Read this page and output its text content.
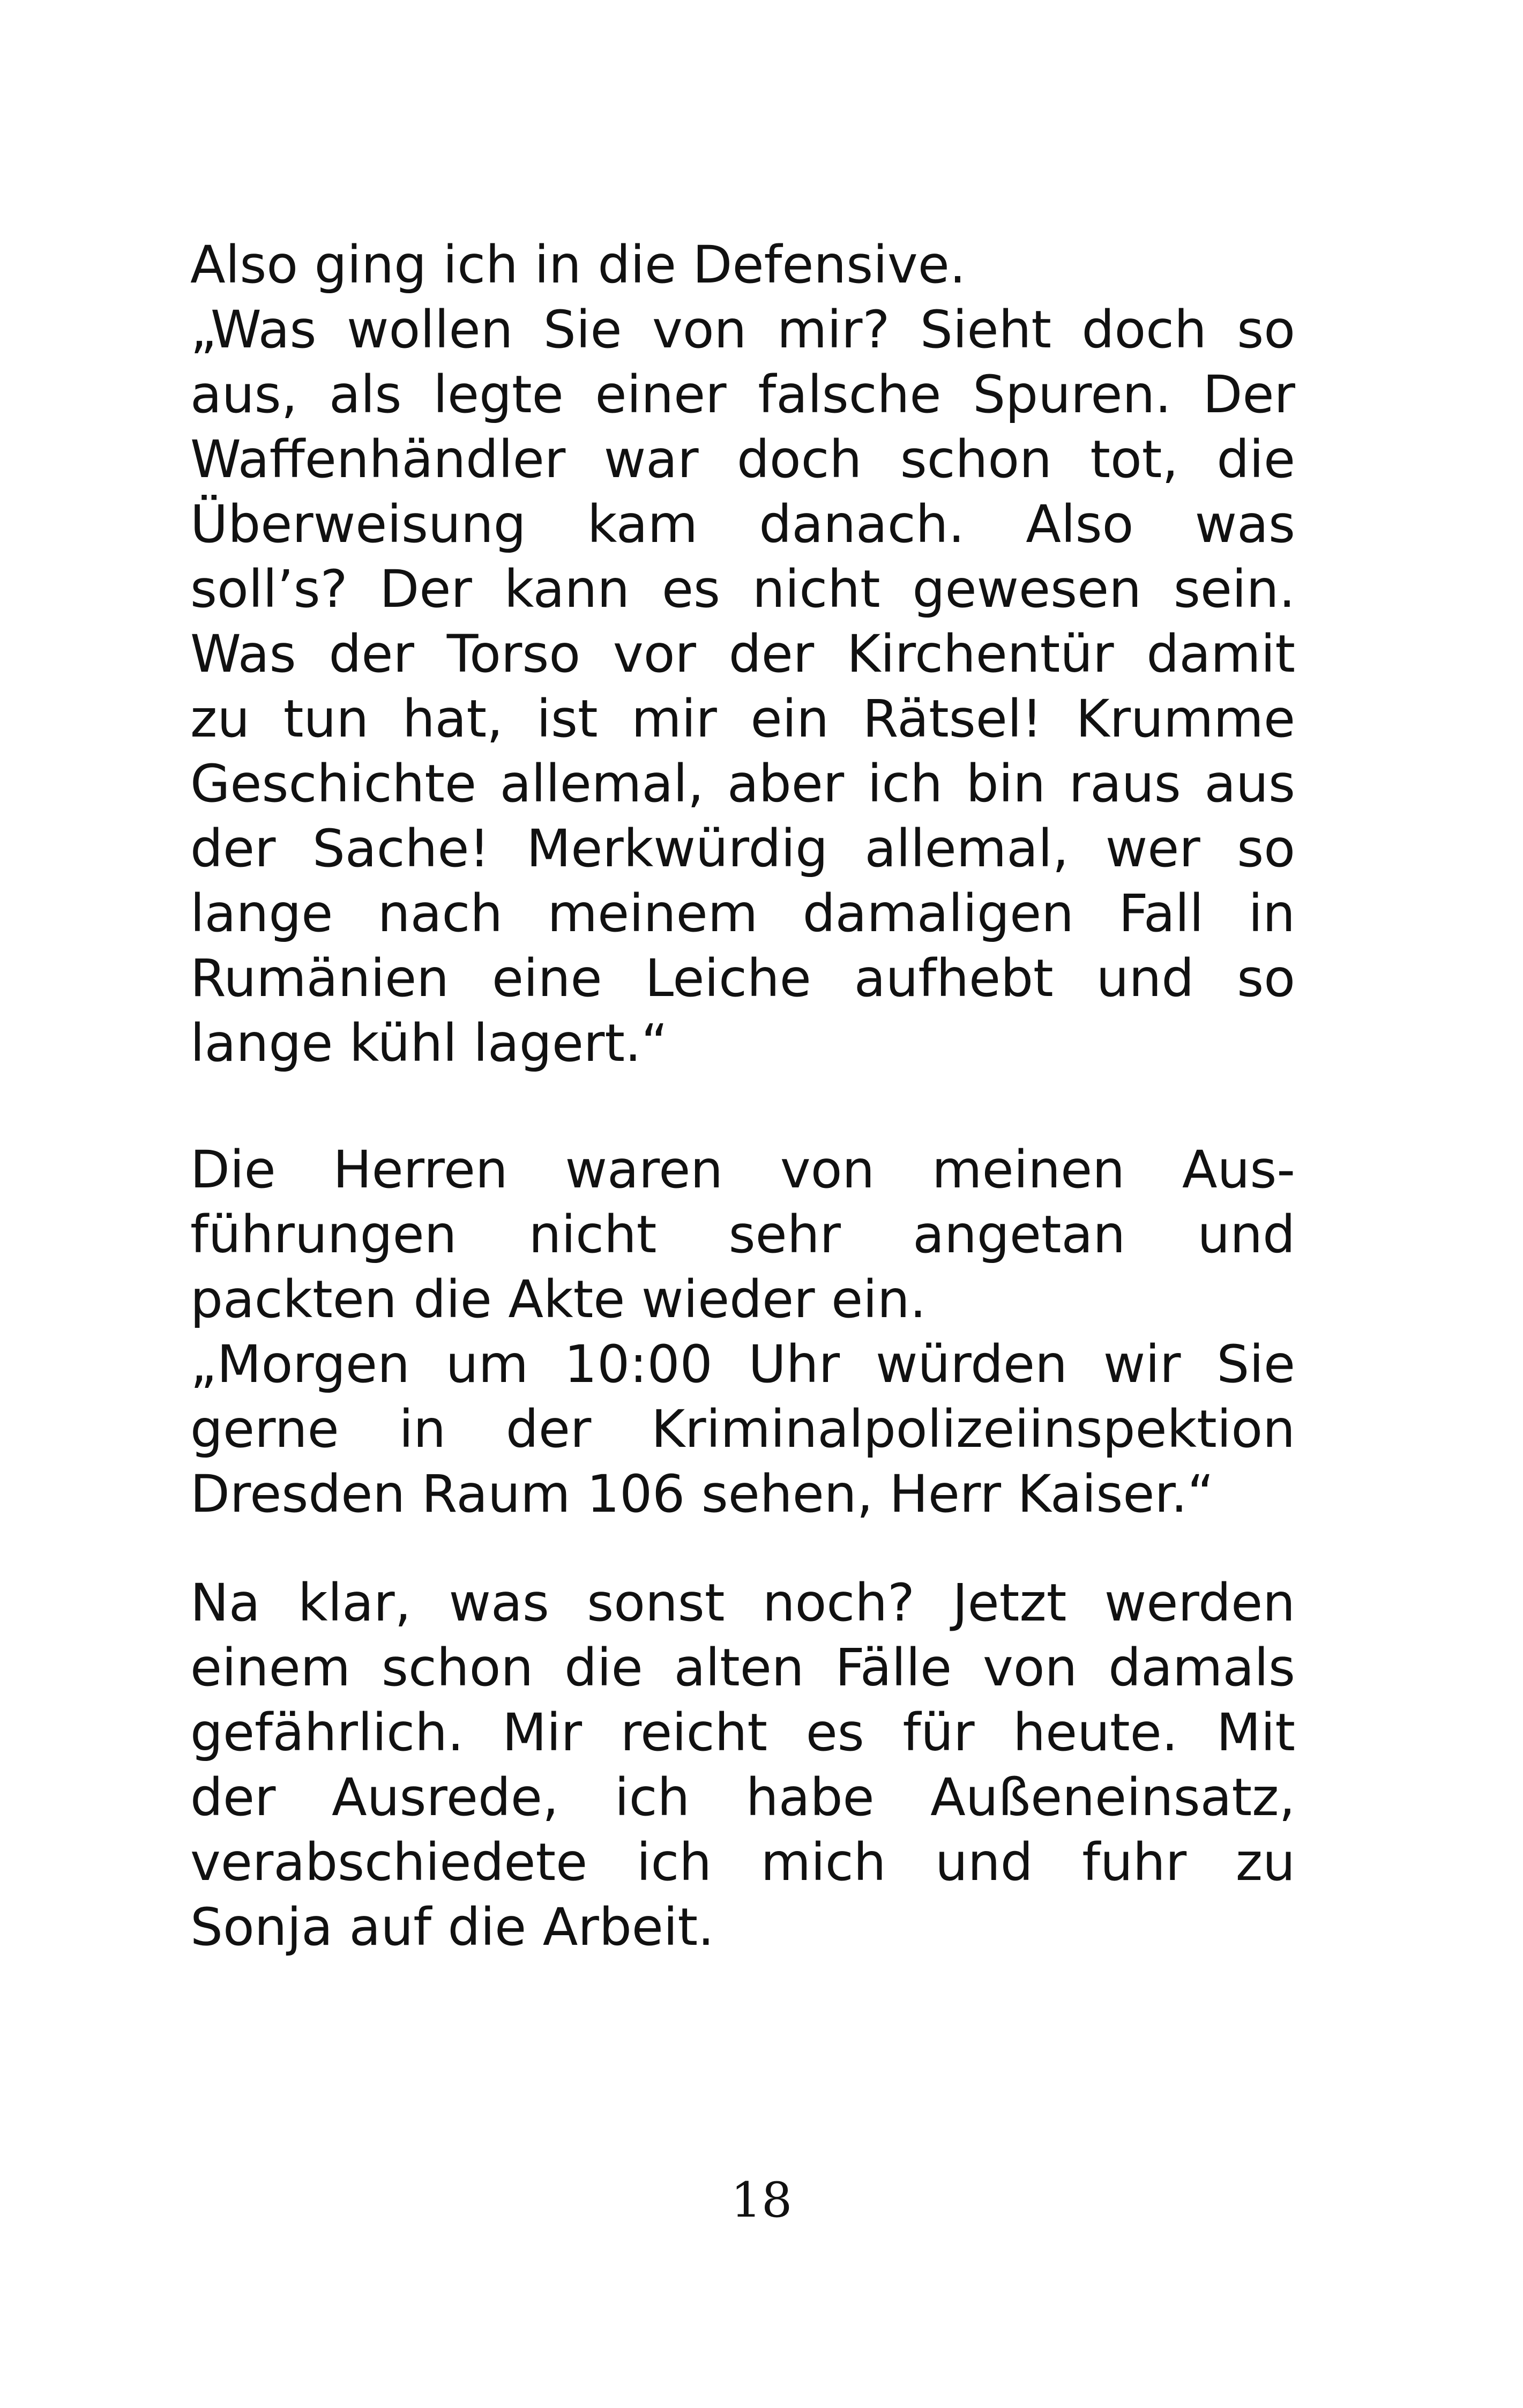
Also ging ich in die Defensive.
„Was wollen Sie von mir? Sieht doch so
aus, als legte einer falsche Spuren. Der
Waffenhändler war doch schon tot, die
Überweisung kam danach. Also was
soll’s? Der kann es nicht gewesen sein.
Was der Torso vor der Kirchentür damit
zu tun hat, ist mir ein Rätsel! Krumme
Geschichte allemal, aber ich bin raus aus
der Sache! Merkwürdig allemal, wer so
lange nach meinem damaligen Fall in
Rumänien eine Leiche aufhebt und so
lange kühl lagert.“
Die Herren waren von meinen Aus-
führungen nicht sehr angetan und
packten die Akte wieder ein.
„Morgen um 10:00 Uhr würden wir Sie
gerne in der Kriminalpolizeiinspektion
Dresden Raum 106 sehen, Herr Kaiser.“
Na klar, was sonst noch? Jetzt werden
einem schon die alten Fälle von damals
gefährlich. Mir reicht es für heute. Mit
der Ausrede, ich habe Außeneinsatz,
verabschiedete ich mich und fuhr zu
Sonja auf die Arbeit.
18
